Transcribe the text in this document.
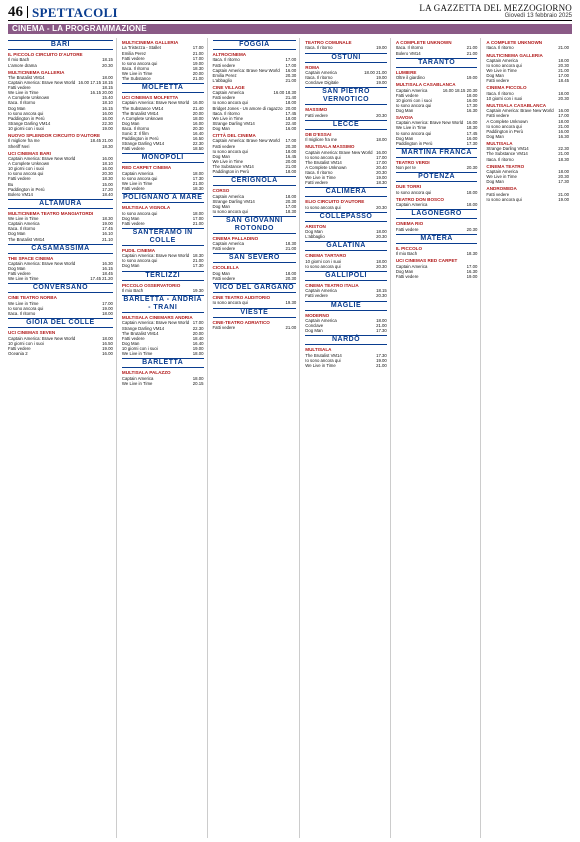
46 SPETTACOLI	LA GAZZETTA DEL MEZZOGIORNO
Giovedì 13 febbraio 2025
CINEMA - LA PROGRAMMAZIONE
BARI
IL PICCOLO CIRCUITO D'AUTORE
Il mio Bach	18.15
L'amore drama	20.30
MULTICINEMA GALLERIA
The Brutalist VM14	18.00
Captain America: Brave New World 16.00 17.15 18.15
Fatti vedere	18.15
We Live in Time	16.15 20.00
A Complete Unknown	15.40
Itaca. Il ritorno	18.10
Dog Man	16.15
Io sono ancora qui	16.00
Paddington in Perù	16.00
Strange Darling VM14	22.30
10 giorni con i suoi	19.00
NUOVO SPLENDOR CIRCUITO D'AUTORE
Il migliore fra me	18.45 21.00
Sheriff Neri	18.30
UCI CINEMAS BARI
Captain America: Brave New World	16.00
A Complete Unknown	18.10
10 giorni con i suoi	16.00
Io sono ancora qui	20.30
Fatti vedere	18.30
Bu	15.00
Paddington in Perù	17.20
Bolero VM14	18.40
ALTAMURA
MULTICINEMA TEATRO MANGIATORDI
We Live in Time	18.30
Captain America	19.00
Itaca. Il ritorno	17.45
Dog Man	16.10
The Brutalist VM14	21.10
CASAMASSIMA
THE SPACE CINEMA
Captain America: Brave New World	16.30
Dog Man	16.15
Fatti vedere	18.45
We Live in Time	17.45 21.20
CONVERSANO
CINE TEATRO NORBA
We Live in Time	17.00
Io sono ancora qui	19.00
Itaca. Il ritorno	18.00
GIOIA DEL COLLE
UCI CINEMAS SEVEN
Captain America: Brave New World	18.00
10 giorni con i suoi	16.50
Fatti vedere	19.00
Oceania 2	16.00
MULTICINEMA GALLERIA
La Tristezza - Stallet	17.00
Emilia Perez	21.00
Fatti vedere	17.00
Io sono ancora qui	19.00
Itaca. Il ritorno	18.30
We Live in Time	20.00
The Substance	21.00
MOLFETTA
UCI CINEMAS MOLFETTA
Captain America: Brave New World 16.00
The Substance VM14	21.40
The Brutalist VM14	20.00
A Complete Unknown	18.00
Dog Man	16.00
Itaca. Il ritorno	20.30
Sonic 3: Il film	16.40
Paddington in Perù	16.50
Strange Darling VM14	22.30
Fatti vedere	18.50
MONOPOLI
RED CARPET CINEMA
Captain America	18.00
Io sono ancora qui	17.30
We Live in Time	21.00
Fatti vedere	18.30
POLIGNANO A MARE
MULTISALA VIGNOLA
Io sono ancora qui	18.00
Dog Man	17.00
Fatti vedere	21.00
SANTERAMO IN COLLE
PUDIL CINEMA
Captain America: Brave New World 18.30
Io sono ancora qui	21.00
Dog Man	17.30
TERLIZZI
PICCOLO OSSERVATORIO
Il mio Bach	19.30
BARLETTA - ANDRIA - TRANI
MULTISALA CINEMARS ANDRIA
Captain America: Brave New World 17.00
Strange Darling VM14	22.30
The Brutalist VM14	20.00
Fatti vedere	18.40
Dog Man	16.40
10 giorni con i suoi	19.00
We Live in Time	18.00
BARLETTA
MULTISALA PALAZZO
Captain America	18.00
We Live in Time	20.15
FOGGIA
ALTROCINEMA
Itaca. Il ritorno	17.00
Fatti vedere	17.00
Captain America: Brave New World 16.00
Emilia Perez	20.30
L'abbaglio	21.00
CINE VILLAGE
Captain America	16.00 18.30
Fatti vedere	21.40
Io sono ancora qui	18.00
Bridget Jones - Un amore di ragazzo 20.00
Itaca. Il ritorno	17.45
We Live in Time	18.00
Strange Darling VM14	22.40
Dog Man	16.00
CITTÀ DEL CINEMA
Captain America: Brave New World 17.00
Fatti vedere	20.30
Io sono ancora qui	18.00
Dog Man	16.45
We Live in Time	20.00
The Substance VM14	21.00
Paddington in Perù	18.00
CERIGNOLA
CORSO
Captain America	18.00
Strange Darling VM14	20.30
Dog Man	17.00
Io sono ancora qui	18.30
SAN GIOVANNI ROTONDO
CINEMA PALLADINO
Captain America	18.30
Fatti vedere	21.00
SAN SEVERO
CICOLELLA
Dog Man	18.00
Fatti vedere	20.30
VICO DEL GARGANO
CINE TEATRO AUDITORIO
Io sono ancora qui	19.30
VIESTE
CINE-TEATRO ADRIATICO
Fatti vedere	21.00
TEATRO COMUNALE
Itaca. Il ritorno	19.00
OSTUNI
ROMA
Captain America	18.00 21.00
Itaca. Il ritorno	19.00
Conclave Digitale	19.00
SAN PIETRO VERNOTICO
MASSIMO
Fatti vedere	20.30
LECCE
DB D'ESSAI
Il migliore fra me	18.00
MULTISALA MASSIMO
Captain America: Brave New World 16.00
Io sono ancora qui	17.00
The Brutalist VM14	17.00
A Complete Unknown	20.40
Itaca. Il ritorno	20.30
We Live in Time	19.00
Fatti vedere	18.30
CALIMERA
ELIO CIRCUITO D'AUTORE
Io sono ancora qui	20.30
COLLEPASSO
ARISTON
Dog Man	18.00
L'abbaglio	20.30
GALATINA
CINEMA TARTARO
10 giorni con i suoi	18.00
Io sono ancora qui	20.30
GALLIPOLI
CINEMA TEATRO ITALIA
Captain America	18.15
Fatti vedere	20.30
MAGLIE
MODERNO
Captain America	18.00
Conclave	21.00
Dog Man	17.30
NARDÒ
MULTISALA
The Brutalist VM14	17.30
Io sono ancora qui	19.00
We Live in Time	21.00
A COMPLETE UNKNOWN
Itaca. Il ritorno	21.00
Bolero VM14	21.00
TARANTO
LUMIERE
Oltre il giardino	19.00
MULTISALA CASABLANCA
Captain America	16.00 18.15 20.30
Fatti vedere	18.00
10 giorni con i suoi	16.00
Io sono ancora qui	17.30
Dog Man	16.30
SAVOIA
Captain America: Brave New World 16.00
We Live in Time	18.30
Io sono ancora qui	17.45
Dog Man	16.00
Paddington in Perù	17.30
MARTINA FRANCA
TEATRO VERDI
Non per te	20.30
POTENZA
DUE TORRI
Io sono ancora qui	18.00
TEATRO DON BOSCO
Captain America	18.00
LAGONEGRO
CINEMA RIO
Fatti vedere	20.30
MATERA
IL PICCOLO
Il mio Bach	18.30
UCI CINEMAS RED CARPET
Captain America	17.00
Dog Man	16.30
Fatti vedere	19.00
A COMPLETE UNKNOWN
Itaca. Il ritorno	21.00
MULTICINEMA GALLERIA
Captain America	18.00
Io sono ancora qui	20.30
We Live in Time	21.00
Dog Man	17.00
Fatti vedere	18.45
CINEMA PICCOLO
Itaca. Il ritorno	18.00
10 giorni con i suoi	20.30
MULTISALA CASABLANCA
Captain America: Brave New World 16.00
Fatti vedere	17.00
A Complete Unknown	18.00
Io sono ancora qui	21.00
Paddington in Perù	16.00
Dog Man	16.30
MULTISALA
Strange Darling VM14	22.30
The Substance VM14	21.00
Itaca. Il ritorno	18.30
CINEMA TEATRO
Captain America	18.00
We Live in Time	20.30
Dog Man	17.30
ANDROMEDA
Fatti vedere	21.00
Io sono ancora qui	19.00
